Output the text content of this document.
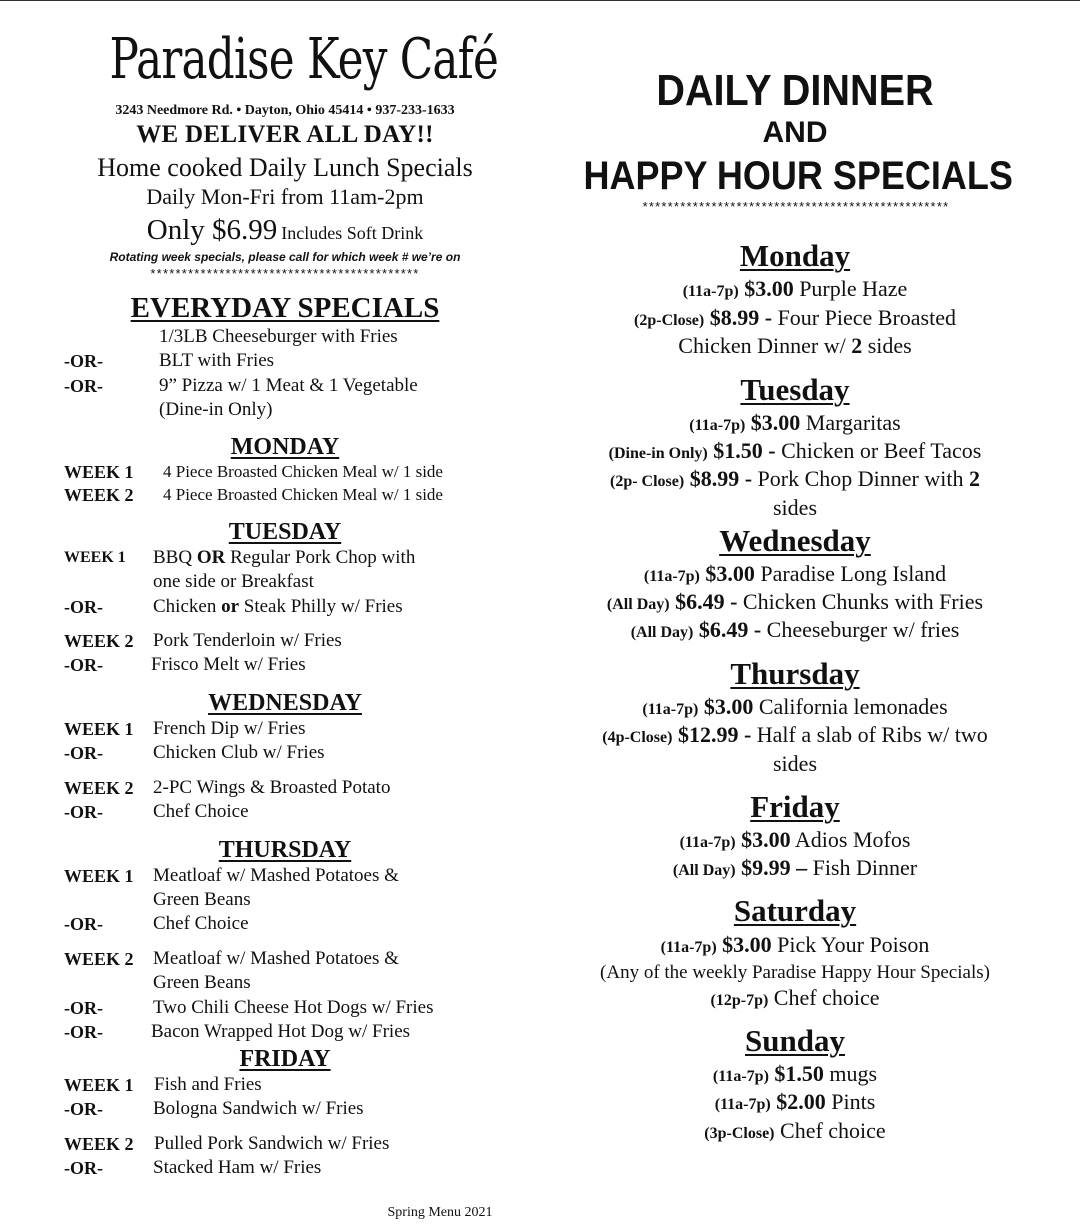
Paradise Key Café
3243 Needmore Rd. • Dayton, Ohio 45414 • 937-233-1633
WE DELIVER ALL DAY!!
Home cooked Daily Lunch Specials
Daily Mon-Fri from 11am-2pm
Only $6.99 Includes Soft Drink
Rotating week specials, please call for which week # we’re on
*******************************************
EVERYDAY SPECIALS
1/3LB Cheeseburger with Fries
-OR-	BLT with Fries
-OR-	9” Pizza w/ 1 Meat & 1 Vegetable
(Dine-in Only)
MONDAY
WEEK 1 4 Piece Broasted Chicken Meal w/ 1 side
WEEK 2 4 Piece Broasted Chicken Meal w/ 1 side
TUESDAY
WEEK 1 BBQ OR Regular Pork Chop with
one side or Breakfast
-OR-	Chicken or Steak Philly w/ Fries
WEEK 2 Pork Tenderloin w/ Fries
-OR-	Frisco Melt w/ Fries
WEDNESDAY
WEEK 1 French Dip w/ Fries
-OR-	Chicken Club w/ Fries
WEEK 2 2-PC Wings & Broasted Potato
-OR-	Chef Choice
THURSDAY
WEEK 1 Meatloaf w/ Mashed Potatoes &
Green Beans
-OR-	Chef Choice
WEEK 2 Meatloaf w/ Mashed Potatoes &
Green Beans
-OR-	Two Chili Cheese Hot Dogs w/ Fries
-OR-	Bacon Wrapped Hot Dog w/ Fries
FRIDAY
WEEK 1 Fish and Fries
-OR-	Bologna Sandwich w/ Fries
WEEK 2 Pulled Pork Sandwich w/ Fries
-OR-	Stacked Ham w/ Fries
Spring Menu 2021
DAILY DINNER
AND
HAPPY HOUR SPECIALS
*************************************************
Monday
(11a-7p) $3.00 Purple Haze
(2p-Close) $8.99 - Four Piece Broasted
Chicken Dinner w/ 2 sides
Tuesday
(11a-7p) $3.00 Margaritas
(Dine-in Only) $1.50 - Chicken or Beef Tacos
(2p- Close) $8.99 - Pork Chop Dinner with 2
sides
Wednesday
(11a-7p) $3.00 Paradise Long Island
(All Day) $6.49 - Chicken Chunks with Fries
(All Day) $6.49 - Cheeseburger w/ fries
Thursday
(11a-7p) $3.00 California lemonades
(4p-Close) $12.99 - Half a slab of Ribs w/ two
sides
Friday
(11a-7p) $3.00 Adios Mofos
(All Day) $9.99 – Fish Dinner
Saturday
(11a-7p) $3.00 Pick Your Poison
(Any of the weekly Paradise Happy Hour Specials)
(12p-7p) Chef choice
Sunday
(11a-7p) $1.50 mugs
(11a-7p) $2.00 Pints
(3p-Close) Chef choice
